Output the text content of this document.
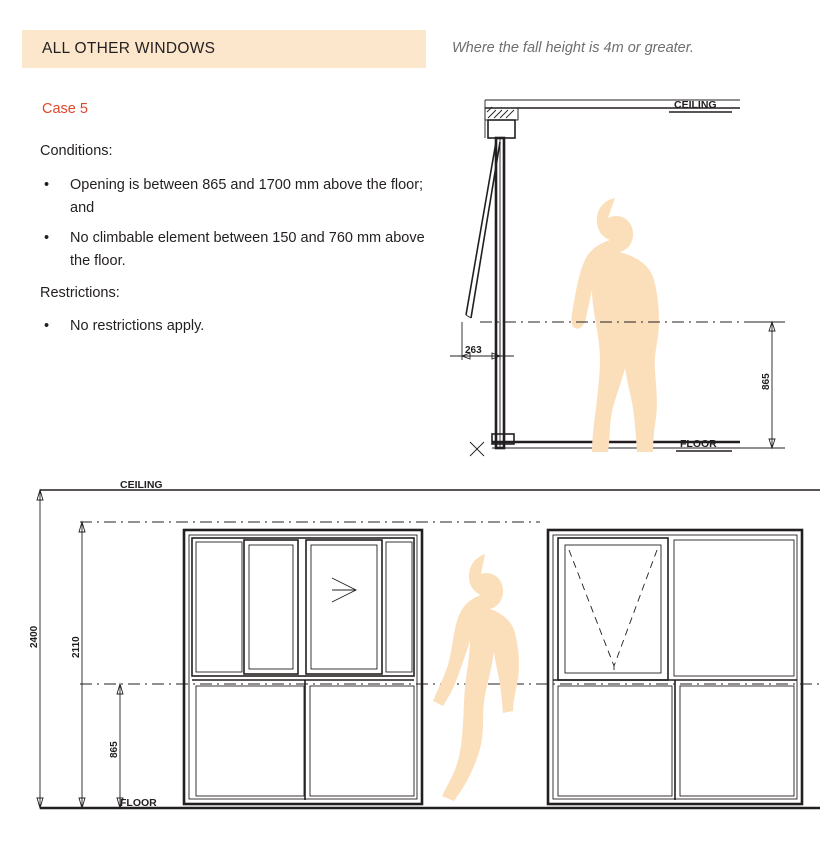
ALL OTHER WINDOWS	Where the fall height is 4m or greater.
Case 5
Conditions:
• Opening is between 865 and 1700 mm above the floor; and
• No climbable element between 150 and 760 mm above the floor.
Restrictions:
• No restrictions apply.
CEILING
FLOOR
263
865
CEILING
FLOOR
2400	2110
865
